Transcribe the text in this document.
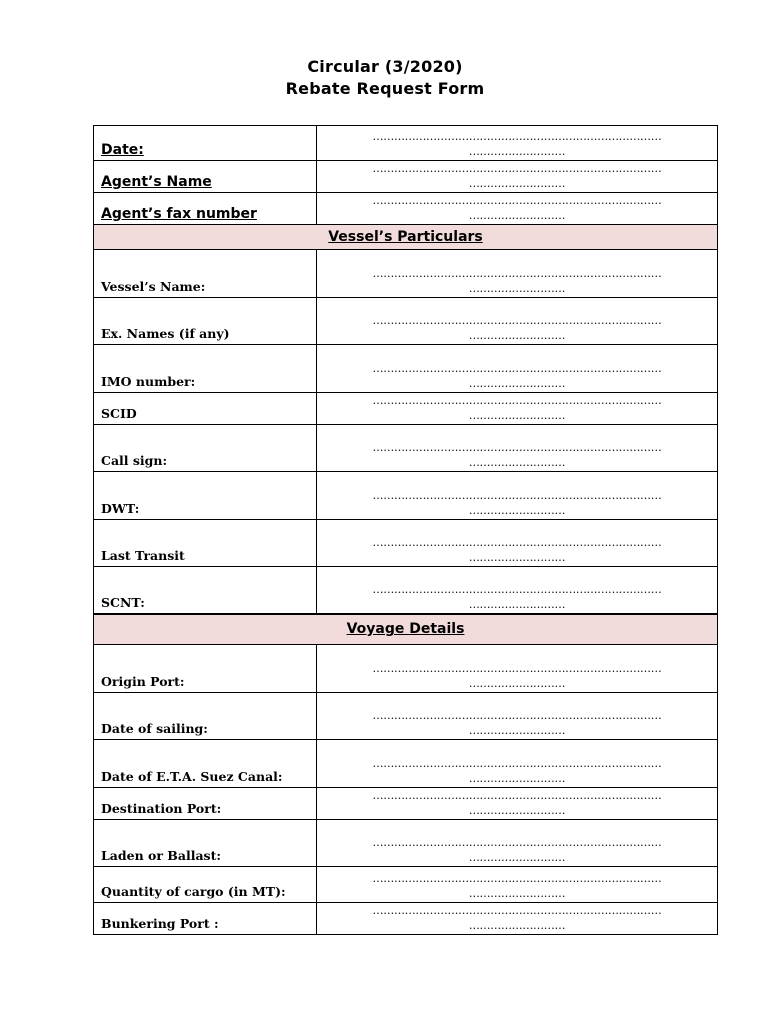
Circular (3/2020)
Rebate Request Form
Date:	………………………………………………………………………
………………………

Agent’s Name	………………………………………………………………………
………………………

Agent’s fax number	………………………………………………………………………
………………………

Vessel’s Particulars	
Vessel’s Name:	………………………………………………………………………
………………………

Ex. Names (if any)	………………………………………………………………………
………………………

IMO number:	………………………………………………………………………
………………………

SCID	………………………………………………………………………
………………………

Call sign:	………………………………………………………………………
………………………

DWT:	………………………………………………………………………
………………………

Last Transit	………………………………………………………………………
………………………

SCNT:	………………………………………………………………………
………………………

Voyage Details	
Origin Port:	………………………………………………………………………
………………………

Date of sailing:	………………………………………………………………………
………………………

Date of E.T.A. Suez Canal:	………………………………………………………………………
………………………

Destination Port:	………………………………………………………………………
………………………

Laden or Ballast:	………………………………………………………………………
………………………

Quantity of cargo (in MT):	………………………………………………………………………
………………………

Bunkering Port :	………………………………………………………………………
………………………
